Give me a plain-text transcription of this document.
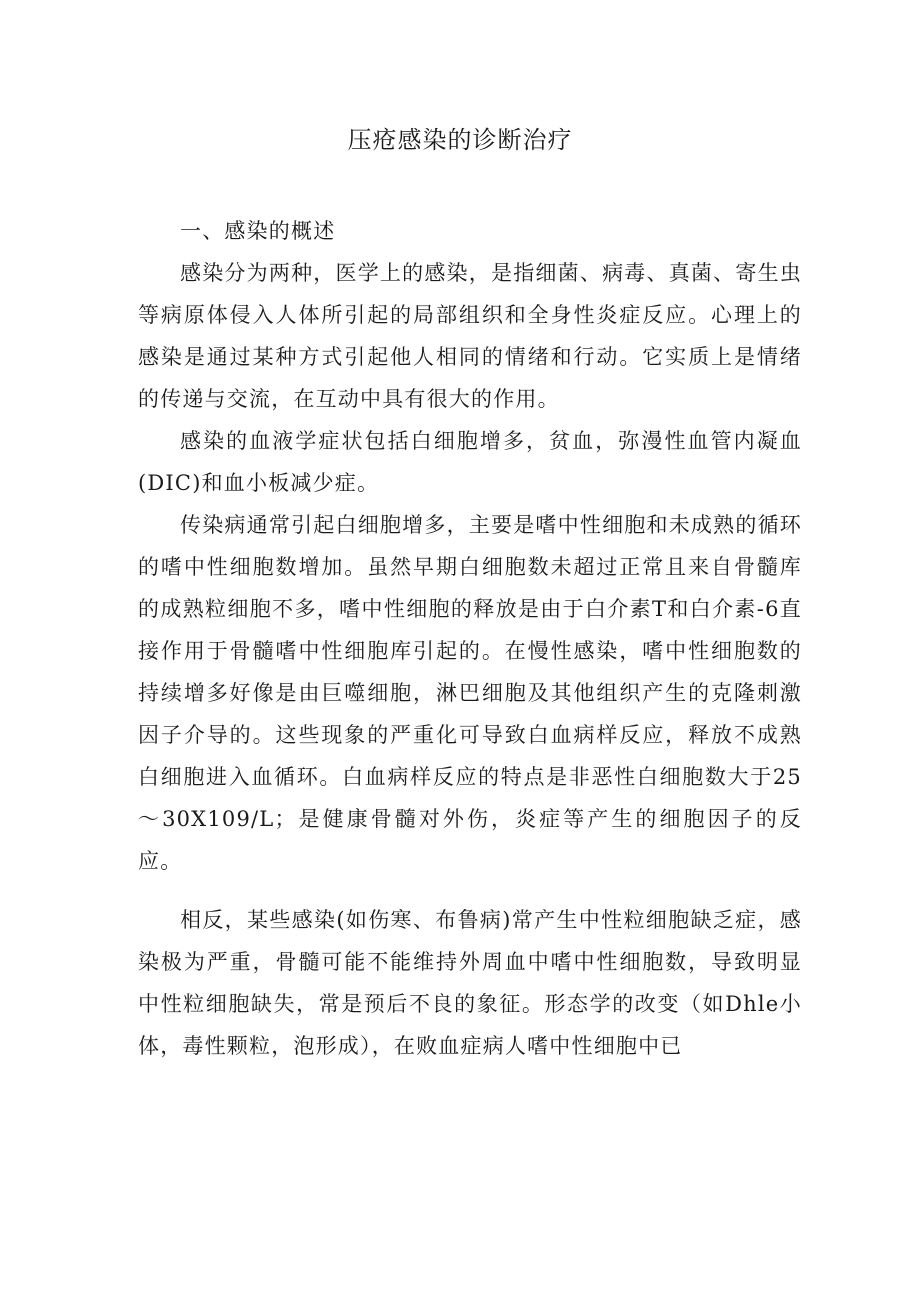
压疮感染的诊断治疗

一、感染的概述

感染分为两种，医学上的感染，是指细菌、病毒、真菌、寄生虫等病原体侵入人体所引起的局部组织和全身性炎症反应。心理上的感染是通过某种方式引起他人相同的情绪和行动。它实质上是情绪的传递与交流，在互动中具有很大的作用。

感染的血液学症状包括白细胞增多，贫血，弥漫性血管内凝血(DIC)和血小板减少症。

传染病通常引起白细胞增多，主要是嗜中性细胞和未成熟的循环的嗜中性细胞数增加。虽然早期白细胞数未超过正常且来自骨髓库的成熟粒细胞不多，嗜中性细胞的释放是由于白介素T和白介素-6直接作用于骨髓嗜中性细胞库引起的。在慢性感染，嗜中性细胞数的持续增多好像是由巨噬细胞，淋巴细胞及其他组织产生的克隆刺激因子介导的。这些现象的严重化可导致白血病样反应，释放不成熟白细胞进入血循环。白血病样反应的特点是非恶性白细胞数大于25～30X109/L；是健康骨髓对外伤，炎症等产生的细胞因子的反应。

相反，某些感染(如伤寒、布鲁病)常产生中性粒细胞缺乏症，感染极为严重，骨髓可能不能维持外周血中嗜中性细胞数，导致明显中性粒细胞缺失，常是预后不良的象征。形态学的改变（如Dhle小体，毒性颗粒，泡形成），在败血症病人嗜中性细胞中已
